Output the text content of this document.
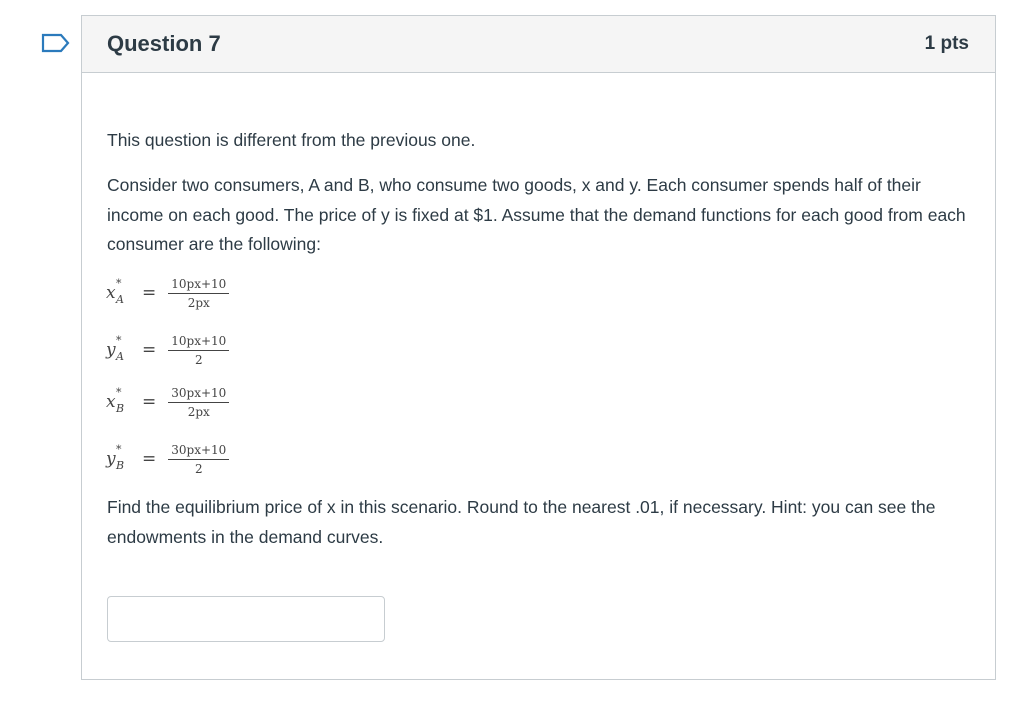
Question 7	1 pts

This question is different from the previous one.

Consider two consumers, A and B, who consume two goods, x and y. Each consumer spends half of their income on each good. The price of y is fixed at $1. Assume that the demand functions for each good from each consumer are the following:

x *
$A = \frac{10px+10}{2px}$
y *
$A = \frac{10px+10}{2}$
x *
$B = \frac{30px+10}{2px}$
y *
$B = \frac{30px+10}{2}$

Find the equilibrium price of x in this scenario. Round to the nearest .01, if necessary. Hint: you can see the endowments in the demand curves.
